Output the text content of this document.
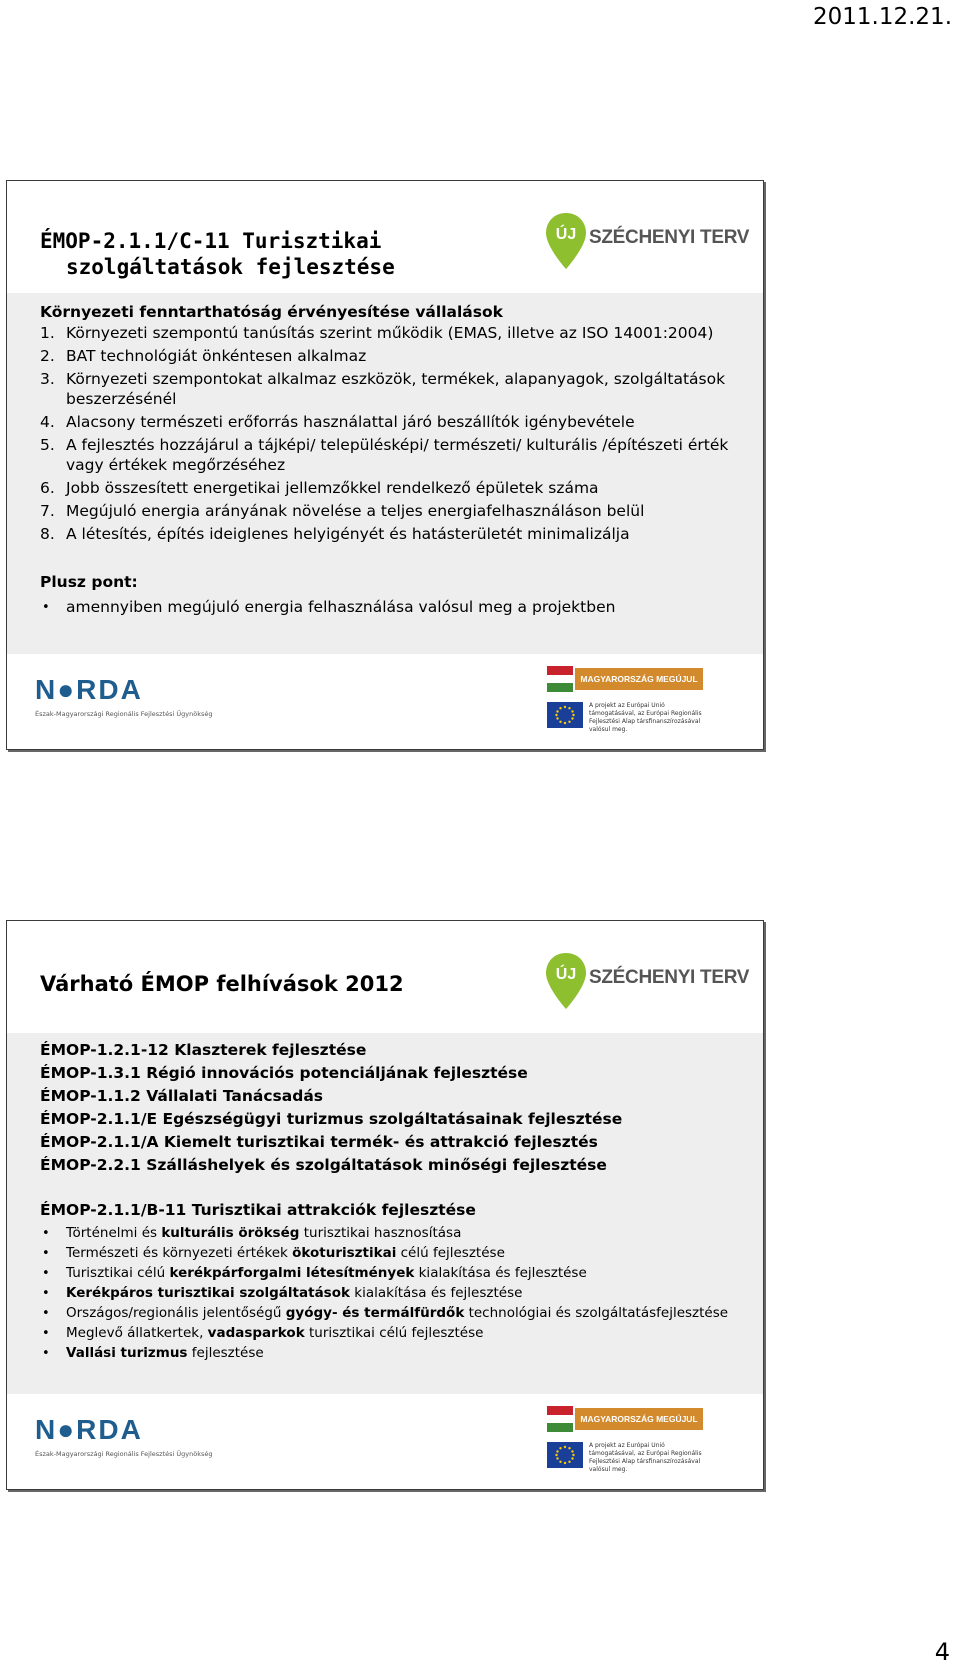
2011.12.21.
ÉMOP-2.1.1/C-11 Turisztikai
szolgáltatások fejlesztése
ÚJ SZÉCHENYI TERV
Környezeti fenntarthatóság érvényesítése vállalások
1. Környezeti szempontú tanúsítás szerint működik (EMAS, illetve az ISO 14001:2004)
2. BAT technológiát önkéntesen alkalmaz
3. Környezeti szempontokat alkalmaz eszközök, termékek, alapanyagok, szolgáltatások beszerzésénél
4. Alacsony természeti erőforrás használattal járó beszállítók igénybevétele
5. A fejlesztés hozzájárul a tájképi/ településképi/ természeti/ kulturális /építészeti érték vagy értékek megőrzéséhez
6. Jobb összesített energetikai jellemzőkkel rendelkező épületek száma
7. Megújuló energia arányának növelése a teljes energiafelhasználáson belül
8. A létesítés, építés ideiglenes helyigényét és hatásterületét minimalizálja
Plusz pont:
• amennyiben megújuló energia felhasználása valósul meg a projektben
N●RDA
Észak-Magyarországi Regionális Fejlesztési Ügynökség
MAGYARORSZÁG MEGÚJUL
A projekt az Európai Unió támogatásával, az Európai Regionális Fejlesztési Alap társfinanszírozásával valósul meg.
Várható ÉMOP felhívások 2012	ÚJ SZÉCHENYI TERV
ÉMOP-1.2.1-12 Klaszterek fejlesztése
ÉMOP-1.3.1 Régió innovációs potenciáljának fejlesztése
ÉMOP-1.1.2 Vállalati Tanácsadás
ÉMOP-2.1.1/E Egészségügyi turizmus szolgáltatásainak fejlesztése
ÉMOP-2.1.1/A Kiemelt turisztikai termék- és attrakció fejlesztés
ÉMOP-2.2.1 Szálláshelyek és szolgáltatások minőségi fejlesztése
ÉMOP-2.1.1/B-11 Turisztikai attrakciók fejlesztése
• Történelmi és kulturális örökség turisztikai hasznosítása
• Természeti és környezeti értékek ökoturisztikai célú fejlesztése
• Turisztikai célú kerékpárforgalmi létesítmények kialakítása és fejlesztése
• Kerékpáros turisztikai szolgáltatások kialakítása és fejlesztése
• Országos/regionális jelentőségű gyógy- és termálfürdők technológiai és szolgáltatásfejlesztése
• Meglevő állatkertek, vadasparkok turisztikai célú fejlesztése
• Vallási turizmus fejlesztése
N●RDA
Észak-Magyarországi Regionális Fejlesztési Ügynökség
MAGYARORSZÁG MEGÚJUL
A projekt az Európai Unió támogatásával, az Európai Regionális Fejlesztési Alap társfinanszírozásával valósul meg.
4
